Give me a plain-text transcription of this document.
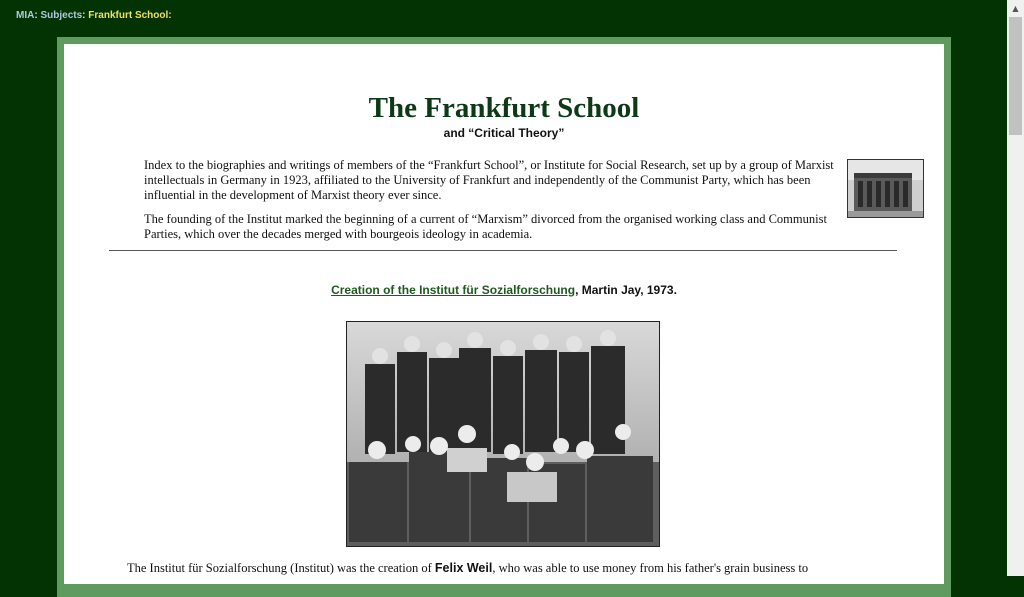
MIA: Subjects: Frankfurt School:
The Frankfurt School
and “Critical Theory”

Index to the biographies and writings of members of the “Frankfurt School”, or Institute for Social Research, set up by a group of Marxist intellectuals in Germany in 1923, affiliated to the University of Frankfurt and independently of the Communist Party, which has been influential in the development of Marxist theory ever since.

The founding of the Institut marked the beginning of a current of “Marxism” divorced from the organised working class and Communist Parties, which over the decades merged with bourgeois ideology in academia.

Creation of the Institut für Sozialforschung, Martin Jay, 1973.
The Institut für Sozialforschung (Institut) was the creation of Felix Weil, who was able to use money from his father's grain business to
▲
